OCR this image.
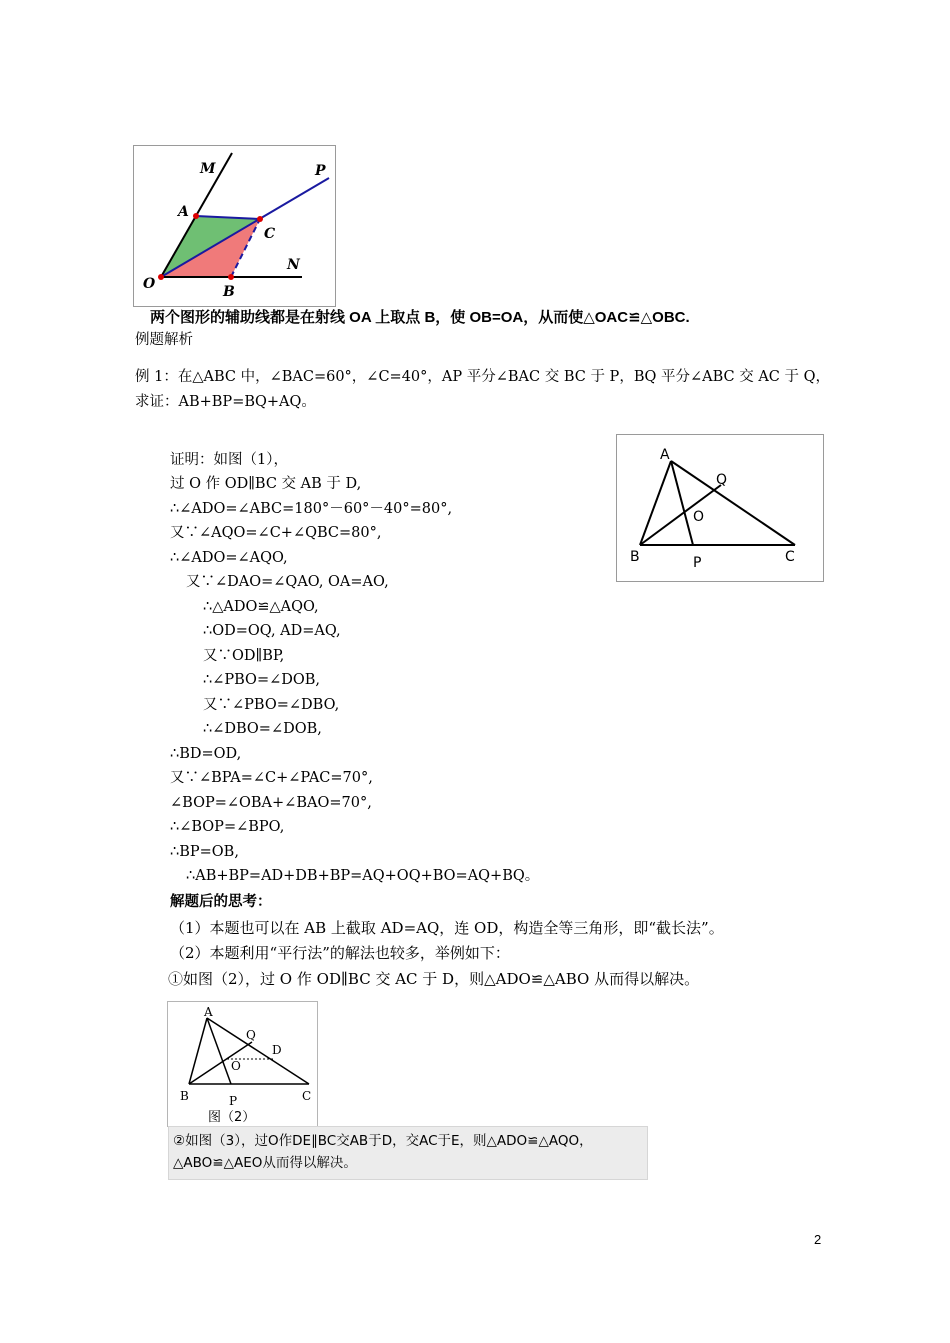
M	P
A
C
N
O	B
两个图形的辅助线都是在射线 OA 上取点 B，使 OB=OA，从而使△OAC≌△OBC.
例题解析
例 1：在△ABC 中，∠BAC=60°，∠C=40°，AP 平分∠BAC 交 BC 于 P，BQ 平分∠ABC 交 AC 于 Q，
求证：AB+BP=BQ+AQ。
A
Q
O
B	P	C
证明：如图（1），
过 O 作 OD∥BC 交 AB 于 D,
∴∠ADO=∠ABC=180°－60°－40°=80°,
又∵∠AQO=∠C+∠QBC=80°,
∴∠ADO=∠AQO,
又∵∠DAO=∠QAO, OA=AO,
∴△ADO≌△AQO,
∴OD=OQ, AD=AQ,
又∵OD∥BP,
∴∠PBO=∠DOB,
又∵∠PBO=∠DBO,
∴∠DBO=∠DOB,
∴BD=OD,
又∵∠BPA=∠C+∠PAC=70°,
∠BOP=∠OBA+∠BAO=70°,
∴∠BOP=∠BPO,
∴BP=OB,
∴AB+BP=AD+DB+BP=AQ+OQ+BO=AQ+BQ。
解题后的思考：
（1）本题也可以在 AB 上截取 AD=AQ，连 OD，构造全等三角形，即“截长法”。
（2）本题利用“平行法”的解法也较多，举例如下：
①如图（2），过 O 作 OD∥BC 交 AC 于 D，则△ADO≌△ABO 从而得以解决。
A
Q
D
O
B	P	C
图（2）
②如图（3），过O作DE∥BC交AB于D，交AC于E，则△ADO≌△AQO，
△ABO≌△AEO从而得以解决。
2
